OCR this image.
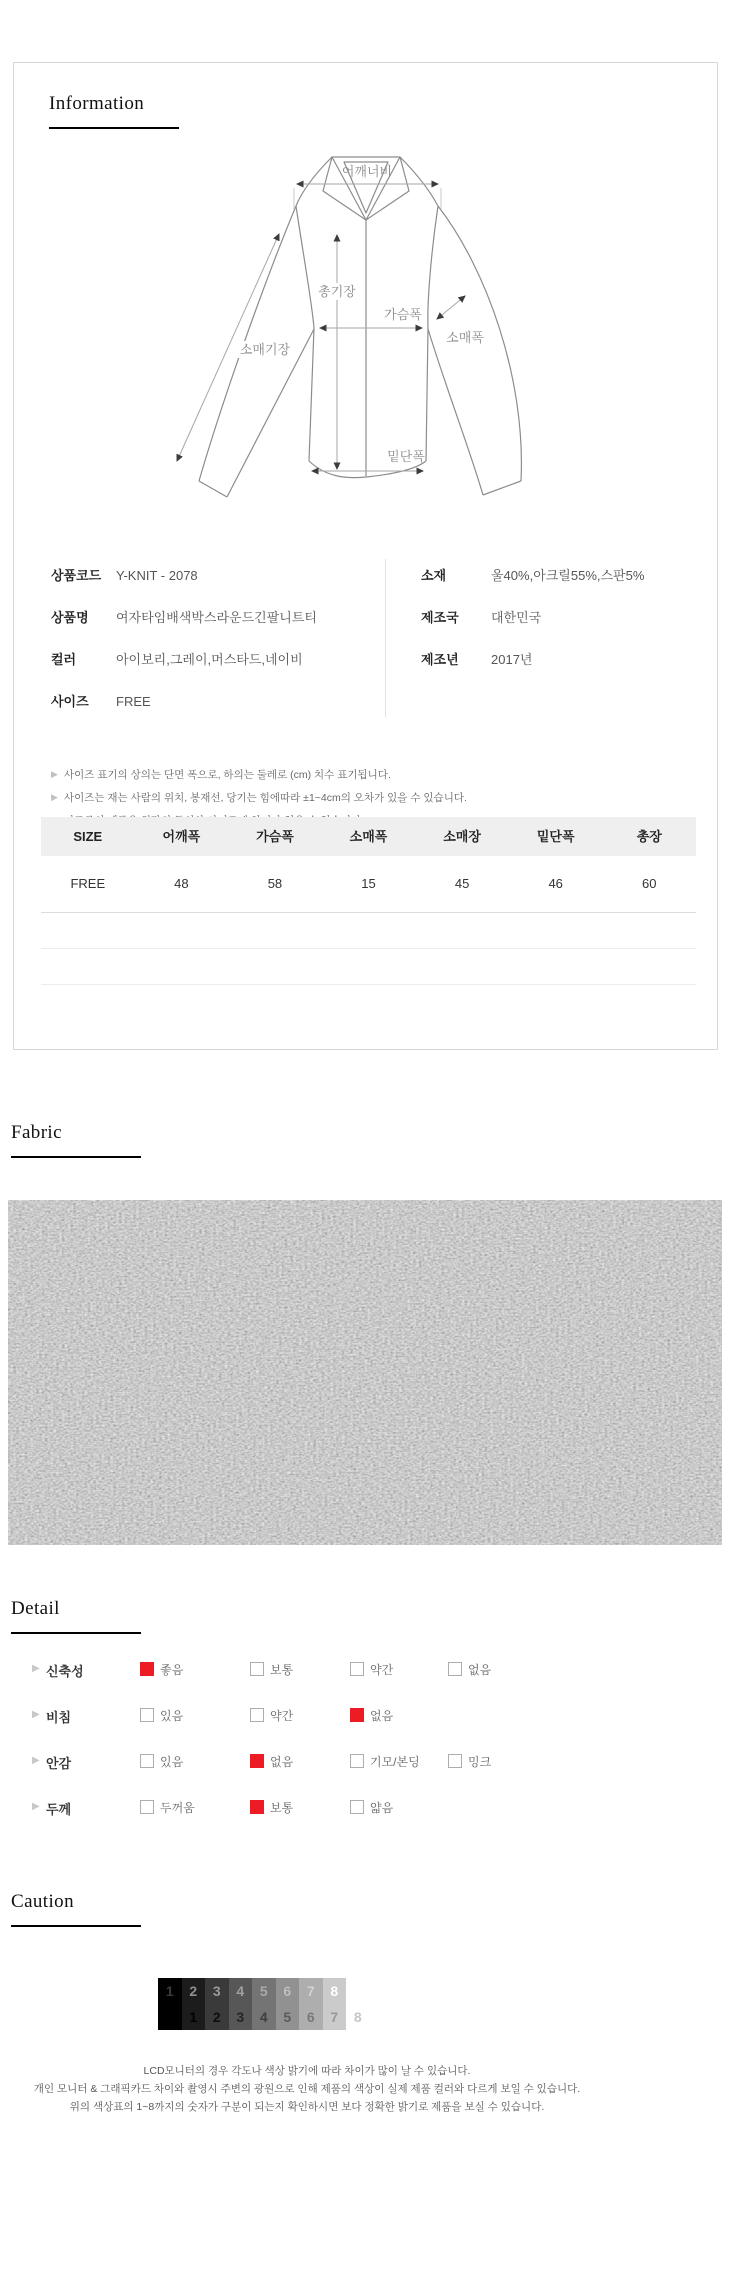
Information
어깨너비
총기장
가슴폭
소매폭
소매기장
밑단폭
상품코드 Y-KNIT - 2078
상품명 여자타임배색박스라운드긴팔니트티
컬러	아이보리,그레이,머스타드,네이비
사이즈 FREE
소재	울40%,아크릴55%,스판5%
제조국 대한민국
제조년 2017년
▶ 사이즈 표기의 상의는 단면 폭으로, 하의는 둘레로 (cm) 치수 표기됩니다.
▶ 사이즈는 재는 사람의 위치, 봉재선, 당기는 힘에따라 ±1~4cm의 오차가 있을 수 있습니다.
SIZE	어깨폭	가슴폭	소매폭	소매장	밑단폭	총장
FREE	48	58	15	45	46	60
Fabric
Detail
▶ 신축성	좋음	보통	약간	없음
▶ 비침	있음	약간	없음
▶ 안감	있음	없음	기모/본딩	밍크
▶ 두께	두꺼움	보통	얇음
Caution
1	2	3	4	5	6	7	8
1	2	3	4	5	6	7	8
LCD모니터의 경우 각도나 색상 밝기에 따라 차이가 많이 날 수 있습니다.
개인 모니터 & 그래픽카드 차이와 촬영시 주변의 광원으로 인해 제품의 색상이 실제 제품 컬러와 다르게 보일 수 있습니다.
위의 색상표의 1~8까지의 숫자가 구분이 되는지 확인하시면 보다 정확한 밝기로 제품을 보실 수 있습니다.
